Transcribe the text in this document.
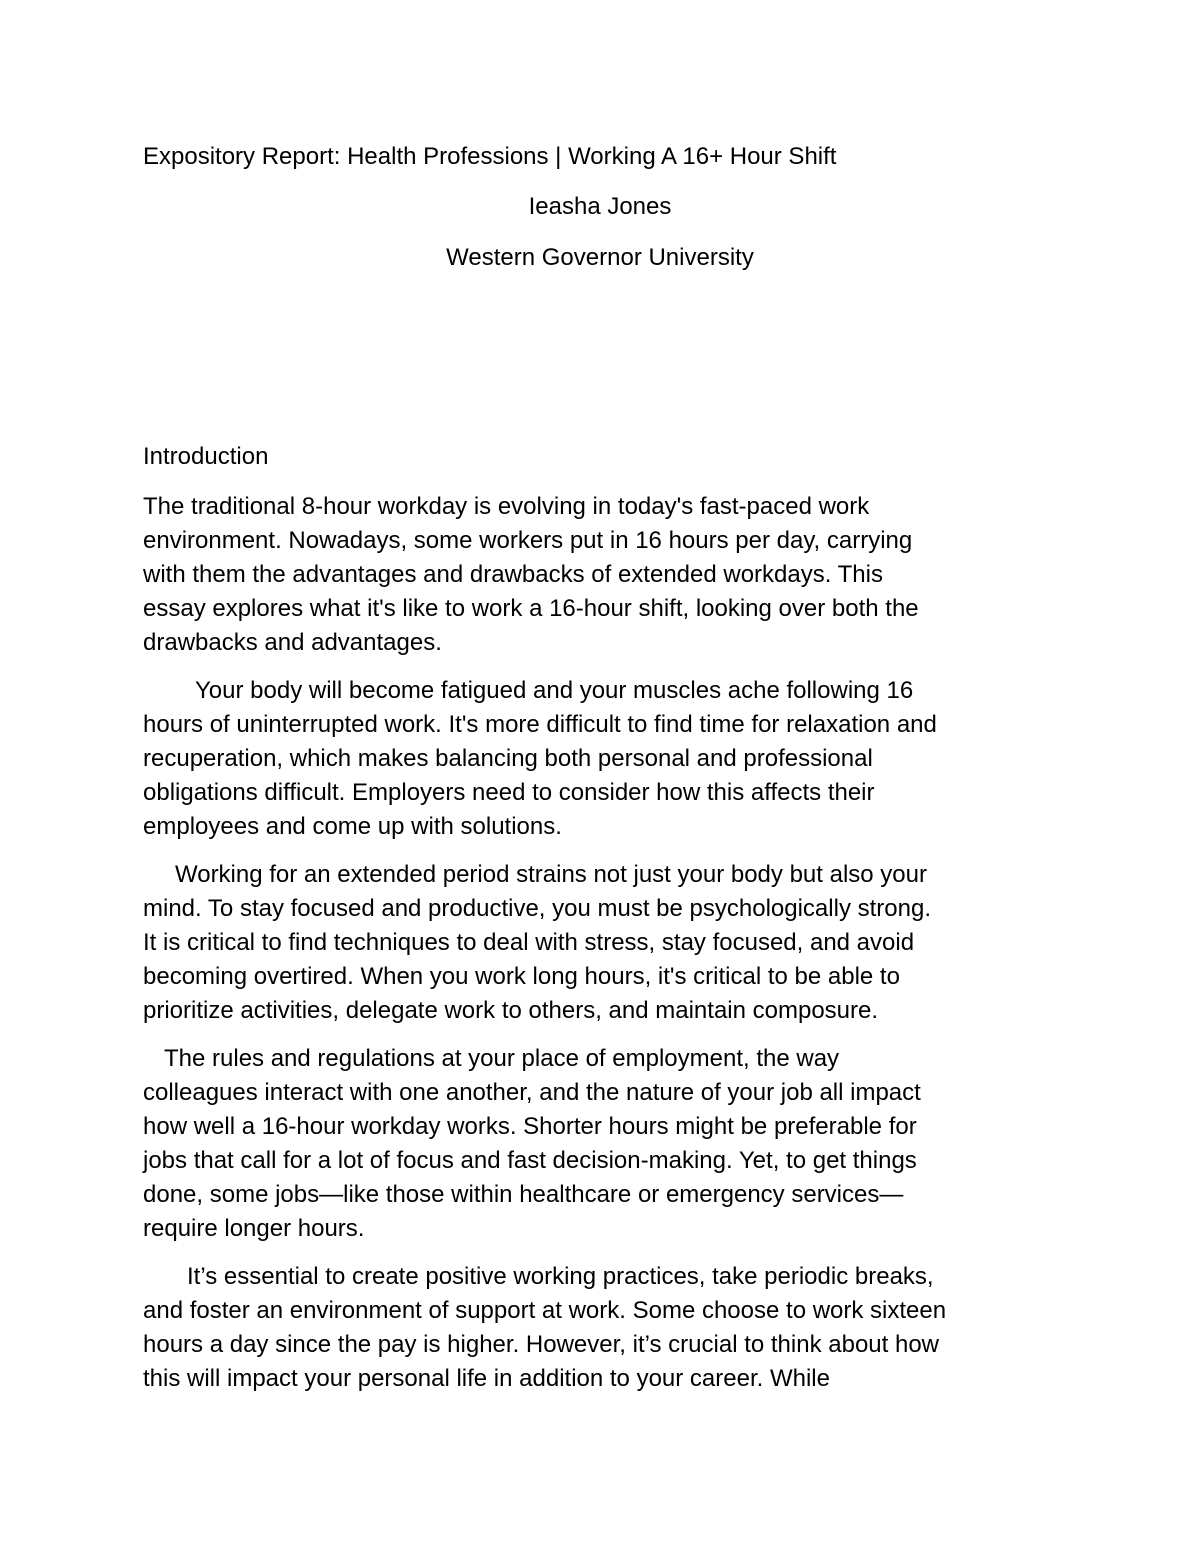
Expository Report: Health Professions | Working A 16+ Hour Shift

Ieasha Jones

Western Governor University

Introduction

The traditional 8-hour workday is evolving in today's fast-paced work
environment. Nowadays, some workers put in 16 hours per day, carrying
with them the advantages and drawbacks of extended workdays. This
essay explores what it's like to work a 16-hour shift, looking over both the
drawbacks and advantages.

Your body will become fatigued and your muscles ache following 16
hours of uninterrupted work. It's more difficult to find time for relaxation and
recuperation, which makes balancing both personal and professional
obligations difficult. Employers need to consider how this affects their
employees and come up with solutions.

Working for an extended period strains not just your body but also your
mind. To stay focused and productive, you must be psychologically strong.
It is critical to find techniques to deal with stress, stay focused, and avoid
becoming overtired. When you work long hours, it's critical to be able to
prioritize activities, delegate work to others, and maintain composure.

The rules and regulations at your place of employment, the way
colleagues interact with one another, and the nature of your job all impact
how well a 16-hour workday works. Shorter hours might be preferable for
jobs that call for a lot of focus and fast decision-making. Yet, to get things
done, some jobs—like those within healthcare or emergency services—
require longer hours.

It’s essential to create positive working practices, take periodic breaks,
and foster an environment of support at work. Some choose to work sixteen
hours a day since the pay is higher. However, it’s crucial to think about how
this will impact your personal life in addition to your career. While
